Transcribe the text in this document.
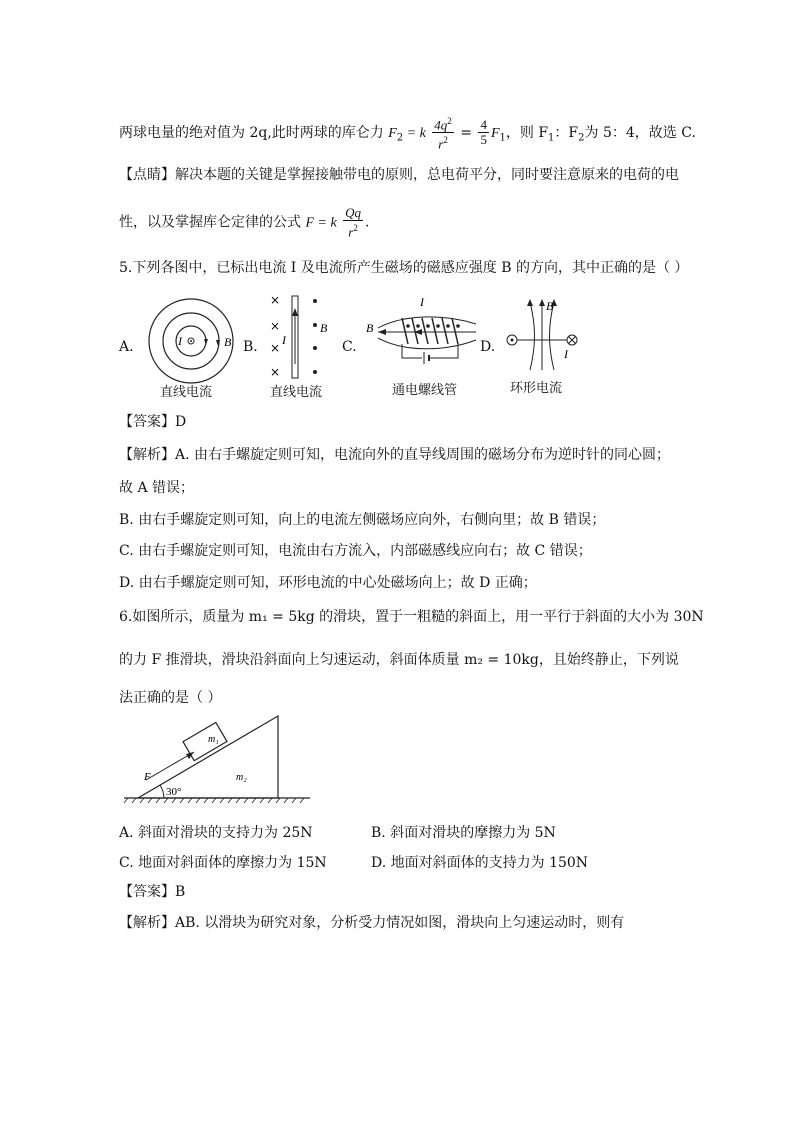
两球电量的绝对值为 2q,此时两球的库仑力 $F_2 = k \frac{4q^2}{r^2} = \frac{4}{5} F_1$，则 $F_1$：$F_2$为 5：4，故选 C.
【点睛】解决本题的关键是掌握接触带电的原则，总电荷平分，同时要注意原来的电荷的电
性，以及掌握库仑定律的公式 F = k $\frac{Qq}{r^2}$ .
5.下列各图中，已标出电流 I 及电流所产生磁场的磁感应强度 B 的方向，其中正确的是（ ）
A.	I	B
直线电流
B.
×
×
×
×
I
B
直线电流
C.
I
B
通电螺线管
D.
B
I
环形电流
【答案】D
【解析】A. 由右手螺旋定则可知，电流向外的直导线周围的磁场分布为逆时针的同心圆；
故 A 错误；
B. 由右手螺旋定则可知，向上的电流左侧磁场应向外，右侧向里；故 B 错误；
C. 由右手螺旋定则可知，电流由右方流入，内部磁感线应向右；故 C 错误；
D. 由右手螺旋定则可知，环形电流的中心处磁场向上；故 D 正确；
6.如图所示，质量为 m₁ = 5kg 的滑块，置于一粗糙的斜面上，用一平行于斜面的大小为 30N
的力 F 推滑块，滑块沿斜面向上匀速运动，斜面体质量 m₂ = 10kg，且始终静止，下列说
法正确的是（ ）
m₁
m₂
F
30°
A. 斜面对滑块的支持力为 25N	B. 斜面对滑块的摩擦力为 5N
C. 地面对斜面体的摩擦力为 15N	D. 地面对斜面体的支持力为 150N
【答案】B
【解析】AB. 以滑块为研究对象，分析受力情况如图，滑块向上匀速运动时，则有
